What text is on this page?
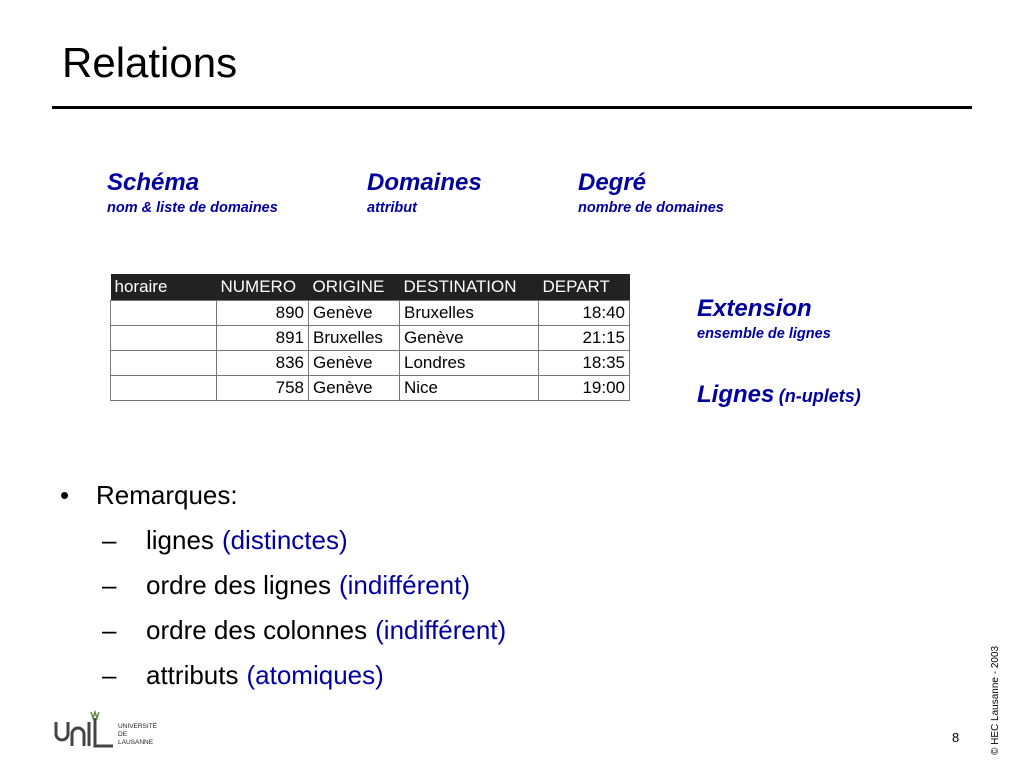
Relations
Schéma
nom & liste de domaines
Domaines
attribut
Degré
nombre de domaines
horaire	NUMERO	ORIGINE	DESTINATION	DEPART
	890	Genève	Bruxelles	18:40
	891	Bruxelles	Genève	21:15
	836	Genève	Londres	18:35
	758	Genève	Nice	19:00
Extension
ensemble de lignes
Lignes (n-uplets)
•	Remarques:
–	lignes (distinctes)
–	ordre des lignes (indifférent)
–	ordre des colonnes (indifférent)
–	attributs (atomiques)
UNIVERSITÉ
DE
LAUSANNE	8	© HEC Lausanne - 2003
